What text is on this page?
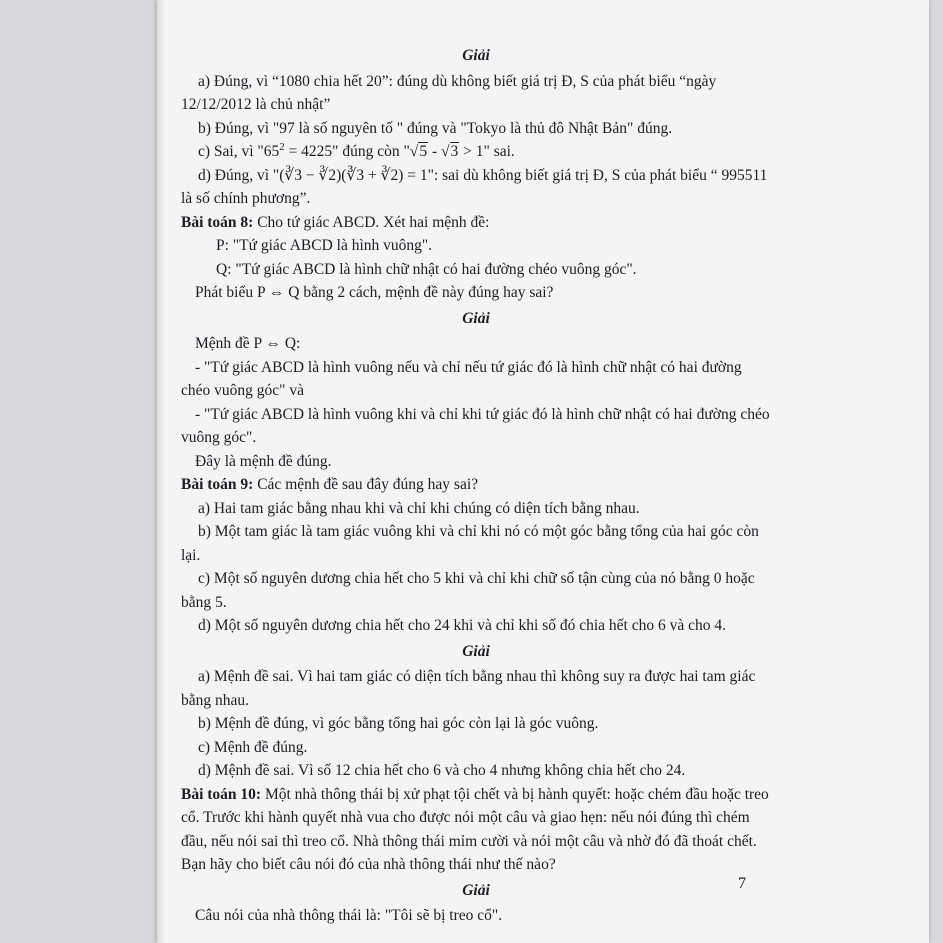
Giải

a) Đúng, vì “1080 chia hết 20”: đúng dù không biết giá trị Đ, S của phát biểu “ngày 12/12/2012 là chủ nhật”

b) Đúng, vì "97 là số nguyên tố " đúng và "Tokyo là thủ đô Nhật Bản" đúng.

c) Sai, vì "$65^2 = 4225$" đúng còn "√5 - √3 > 1" sai.

d) Đúng, vì "(∛3 − ∛2)(∛3 + ∛2) = 1": sai dù không biết giá trị Đ, S của phát biểu “ 995511 là số chính phương”.

Bài toán 8: Cho tứ giác ABCD. Xét hai mệnh đề:

P: "Tứ giác ABCD là hình vuông".

Q: "Tứ giác ABCD là hình chữ nhật có hai đường chéo vuông góc".

Phát biểu P ⇔ Q bằng 2 cách, mệnh đề này đúng hay sai?

Giải

Mệnh đề P ⇔ Q:

- "Tứ giác ABCD là hình vuông nếu và chỉ nếu tứ giác đó là hình chữ nhật có hai đường chéo vuông góc" và

- "Tứ giác ABCD là hình vuông khi và chỉ khi tứ giác đó là hình chữ nhật có hai đường chéo vuông góc".

Đây là mệnh đề đúng.

Bài toán 9: Các mệnh đề sau đây đúng hay sai?

a) Hai tam giác bằng nhau khi và chỉ khi chúng có diện tích bằng nhau.

b) Một tam giác là tam giác vuông khi và chỉ khi nó có một góc bằng tổng của hai góc còn lại.

c) Một số nguyên dương chia hết cho 5 khi và chỉ khi chữ số tận cùng của nó bằng 0 hoặc bằng 5.

d) Một số nguyên dương chia hết cho 24 khi và chỉ khi số đó chia hết cho 6 và cho 4.

Giải

a) Mệnh đề sai. Vì hai tam giác có diện tích bằng nhau thì không suy ra được hai tam giác bằng nhau.

b) Mệnh đề đúng, vì góc bằng tổng hai góc còn lại là góc vuông.

c) Mệnh đề đúng.

d) Mệnh đề sai. Vì số 12 chia hết cho 6 và cho 4 nhưng không chia hết cho 24.

Bài toán 10: Một nhà thông thái bị xử phạt tội chết và bị hành quyết: hoặc chém đầu hoặc treo cổ. Trước khi hành quyết nhà vua cho được nói một câu và giao hẹn: nếu nói đúng thì chém đầu, nếu nói sai thì treo cổ. Nhà thông thái mỉm cười và nói một câu và nhờ đó đã thoát chết. Bạn hãy cho biết câu nói đó của nhà thông thái như thế nào?

Giải

Câu nói của nhà thông thái là: "Tôi sẽ bị treo cổ".

7
